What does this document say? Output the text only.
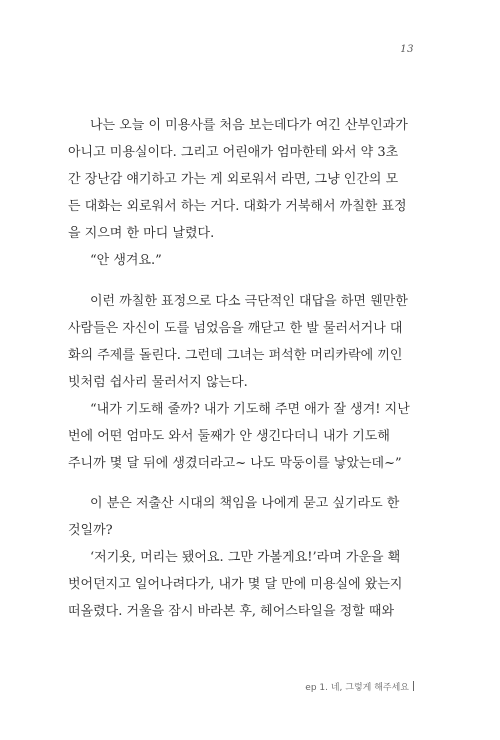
13
나는 오늘 이 미용사를 처음 보는데다가 여긴 산부인과가
아니고 미용실이다. 그리고 어린애가 엄마한테 와서 약 3초
간 장난감 얘기하고 가는 게 외로워서 라면, 그냥 인간의 모
든 대화는 외로워서 하는 거다. 대화가 거북해서 까칠한 표정
을 지으며 한 마디 날렸다.
“안 생겨요.”
이런 까칠한 표정으로 다소 극단적인 대답을 하면 웬만한
사람들은 자신이 도를 넘었음을 깨닫고 한 발 물러서거나 대
화의 주제를 돌린다. 그런데 그녀는 퍼석한 머리카락에 끼인
빗처럼 쉽사리 물러서지 않는다.
“내가 기도해 줄까? 내가 기도해 주면 애가 잘 생겨! 지난
번에 어떤 엄마도 와서 둘째가 안 생긴다더니 내가 기도해
주니까 몇 달 뒤에 생겼더라고~ 나도 막둥이를 낳았는데~”
이 분은 저출산 시대의 책임을 나에게 묻고 싶기라도 한
것일까?
‘저기욧, 머리는 됐어요. 그만 가볼게요!’라며 가운을 홱
벗어던지고 일어나려다가, 내가 몇 달 만에 미용실에 왔는지
떠올렸다. 거울을 잠시 바라본 후, 헤어스타일을 정할 때와
ep 1. 네, 그렇게 해주세요
